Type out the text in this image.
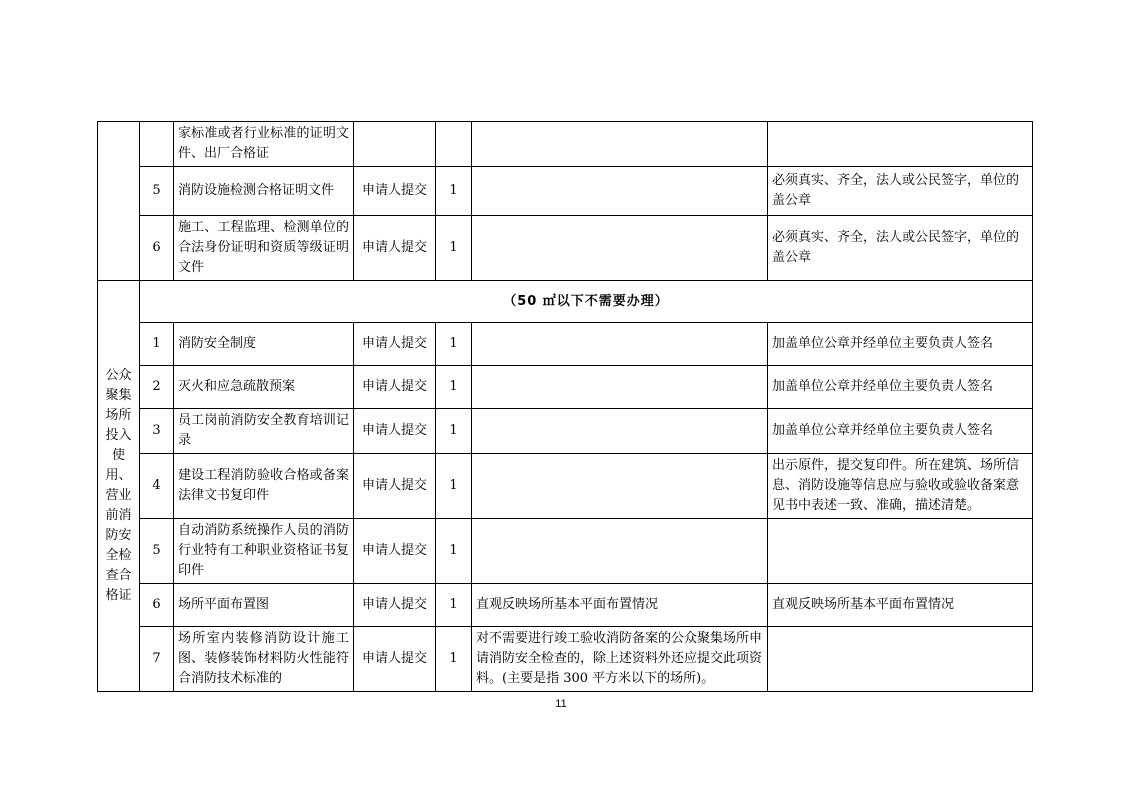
		家标准或者行业标准的证明文件、出厂合格证				
	5	消防设施检测合格证明文件	申请人提交	1		必须真实、齐全，法人或公民签字，单位的盖公章
	6	施工、工程监理、检测单位的合法身份证明和资质等级证明文件	申请人提交	1		必须真实、齐全，法人或公民签字，单位的盖公章
公众聚集场所投入使用、营业前消防安全检查合格证	（50 ㎡以下不需要办理）					
	1	消防安全制度	申请人提交	1		加盖单位公章并经单位主要负责人签名
	2	灭火和应急疏散预案	申请人提交	1		加盖单位公章并经单位主要负责人签名
	3	员工岗前消防安全教育培训记录	申请人提交	1		加盖单位公章并经单位主要负责人签名
	4	建设工程消防验收合格或备案法律文书复印件	申请人提交	1		出示原件，提交复印件。所在建筑、场所信息、消防设施等信息应与验收或验收备案意见书中表述一致、准确，描述清楚。
	5	自动消防系统操作人员的消防行业特有工种职业资格证书复印件	申请人提交	1		
	6	场所平面布置图	申请人提交	1	直观反映场所基本平面布置情况	直观反映场所基本平面布置情况
	7	场所室内装修消防设计施工图、装修装饰材料防火性能符合消防技术标准的	申请人提交	1	对不需要进行竣工验收消防备案的公众聚集场所申请消防安全检查的，除上述资料外还应提交此项资料。(主要是指 300 平方米以下的场所)。	
11
